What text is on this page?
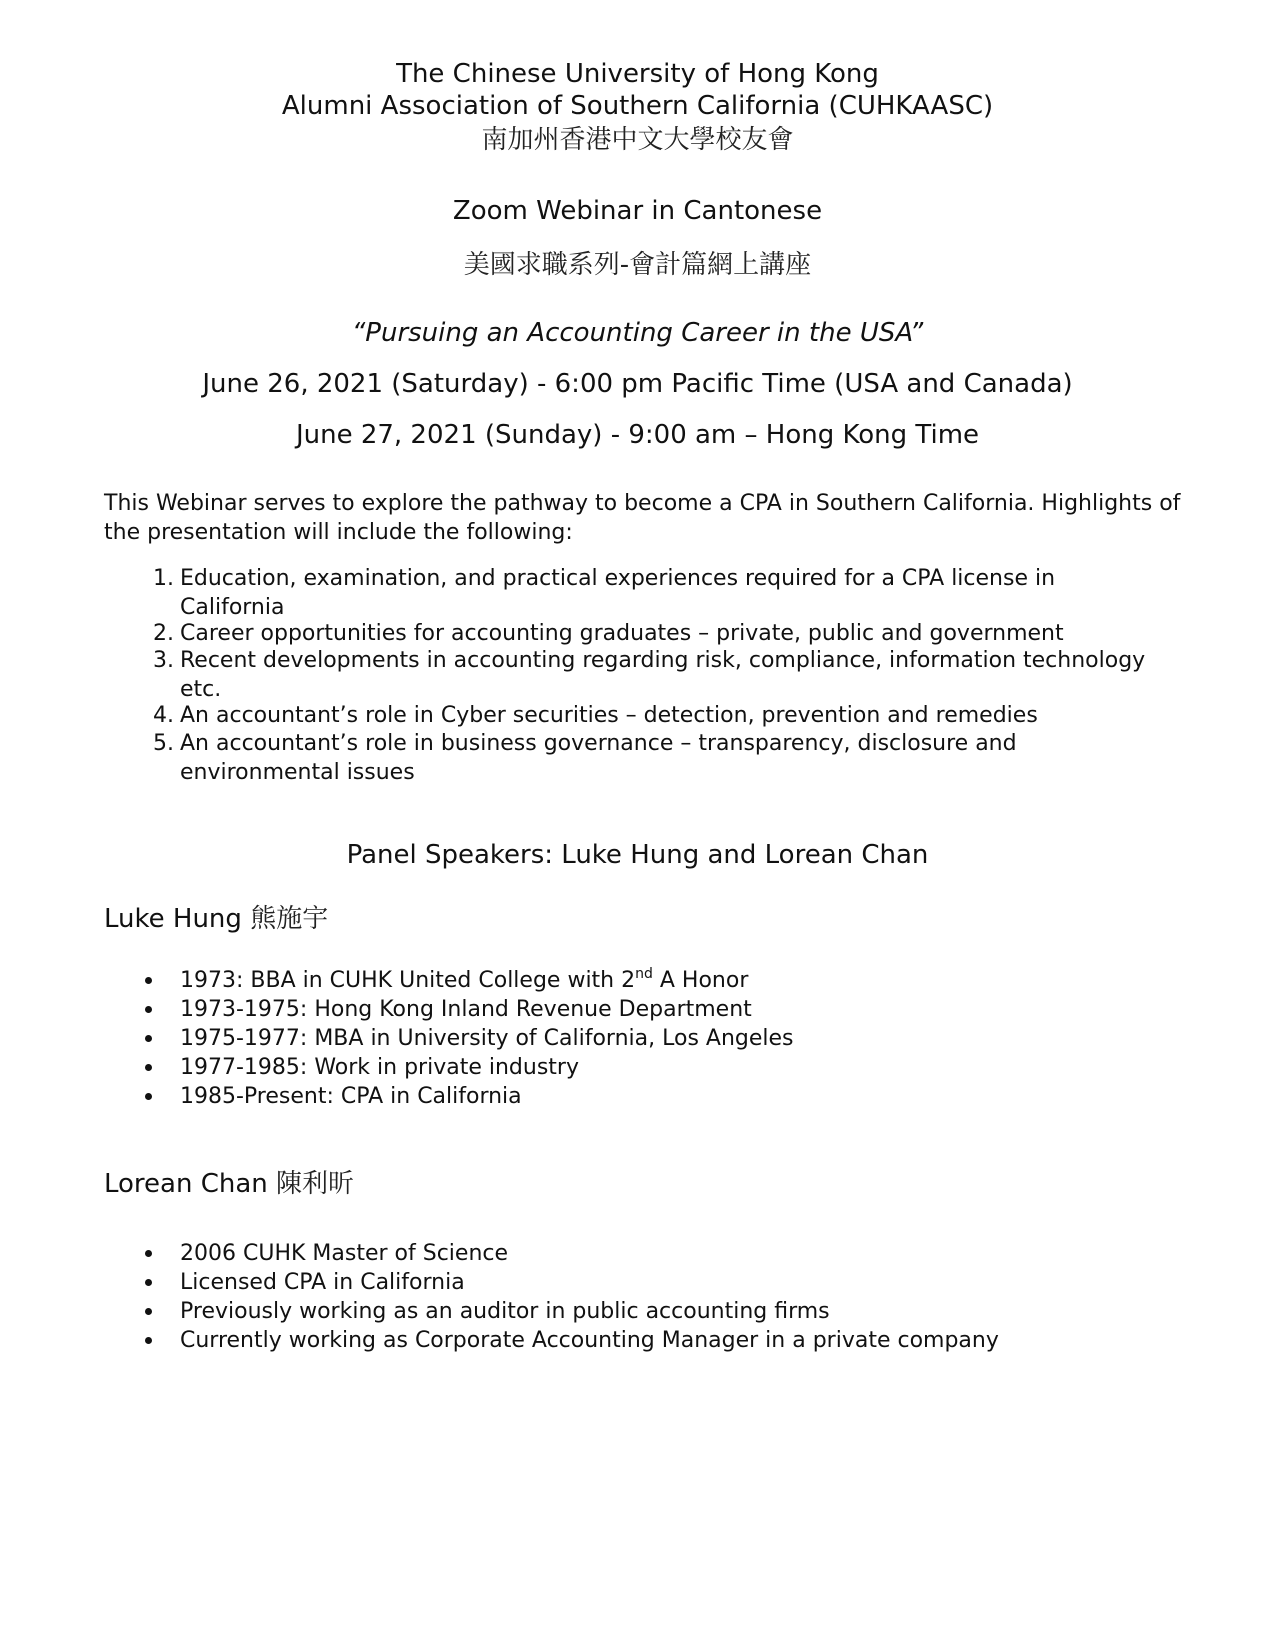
The Chinese University of Hong Kong
Alumni Association of Southern California (CUHKAASC)
南加州香港中文大學校友會
Zoom Webinar in Cantonese
美國求職系列-會計篇網上講座
“Pursuing an Accounting Career in the USA”
June 26, 2021 (Saturday) - 6:00 pm Pacific Time (USA and Canada)
June 27, 2021 (Sunday) - 9:00 am – Hong Kong Time
This Webinar serves to explore the pathway to become a CPA in Southern California. Highlights of the presentation will include the following:
1. Education, examination, and practical experiences required for a CPA license in
California
2. Career opportunities for accounting graduates – private, public and government
3. Recent developments in accounting regarding risk, compliance, information technology
etc.
4. An accountant’s role in Cyber securities – detection, prevention and remedies
5. An accountant’s role in business governance – transparency, disclosure and
environmental issues
Panel Speakers: Luke Hung and Lorean Chan
Luke Hung 熊施宇
1973: BBA in CUHK United College with 2nd A Honor
1973-1975: Hong Kong Inland Revenue Department
1975-1977: MBA in University of California, Los Angeles
1977-1985: Work in private industry
1985-Present: CPA in California
Lorean Chan 陳利昕
2006 CUHK Master of Science
Licensed CPA in California
Previously working as an auditor in public accounting firms
Currently working as Corporate Accounting Manager in a private company
